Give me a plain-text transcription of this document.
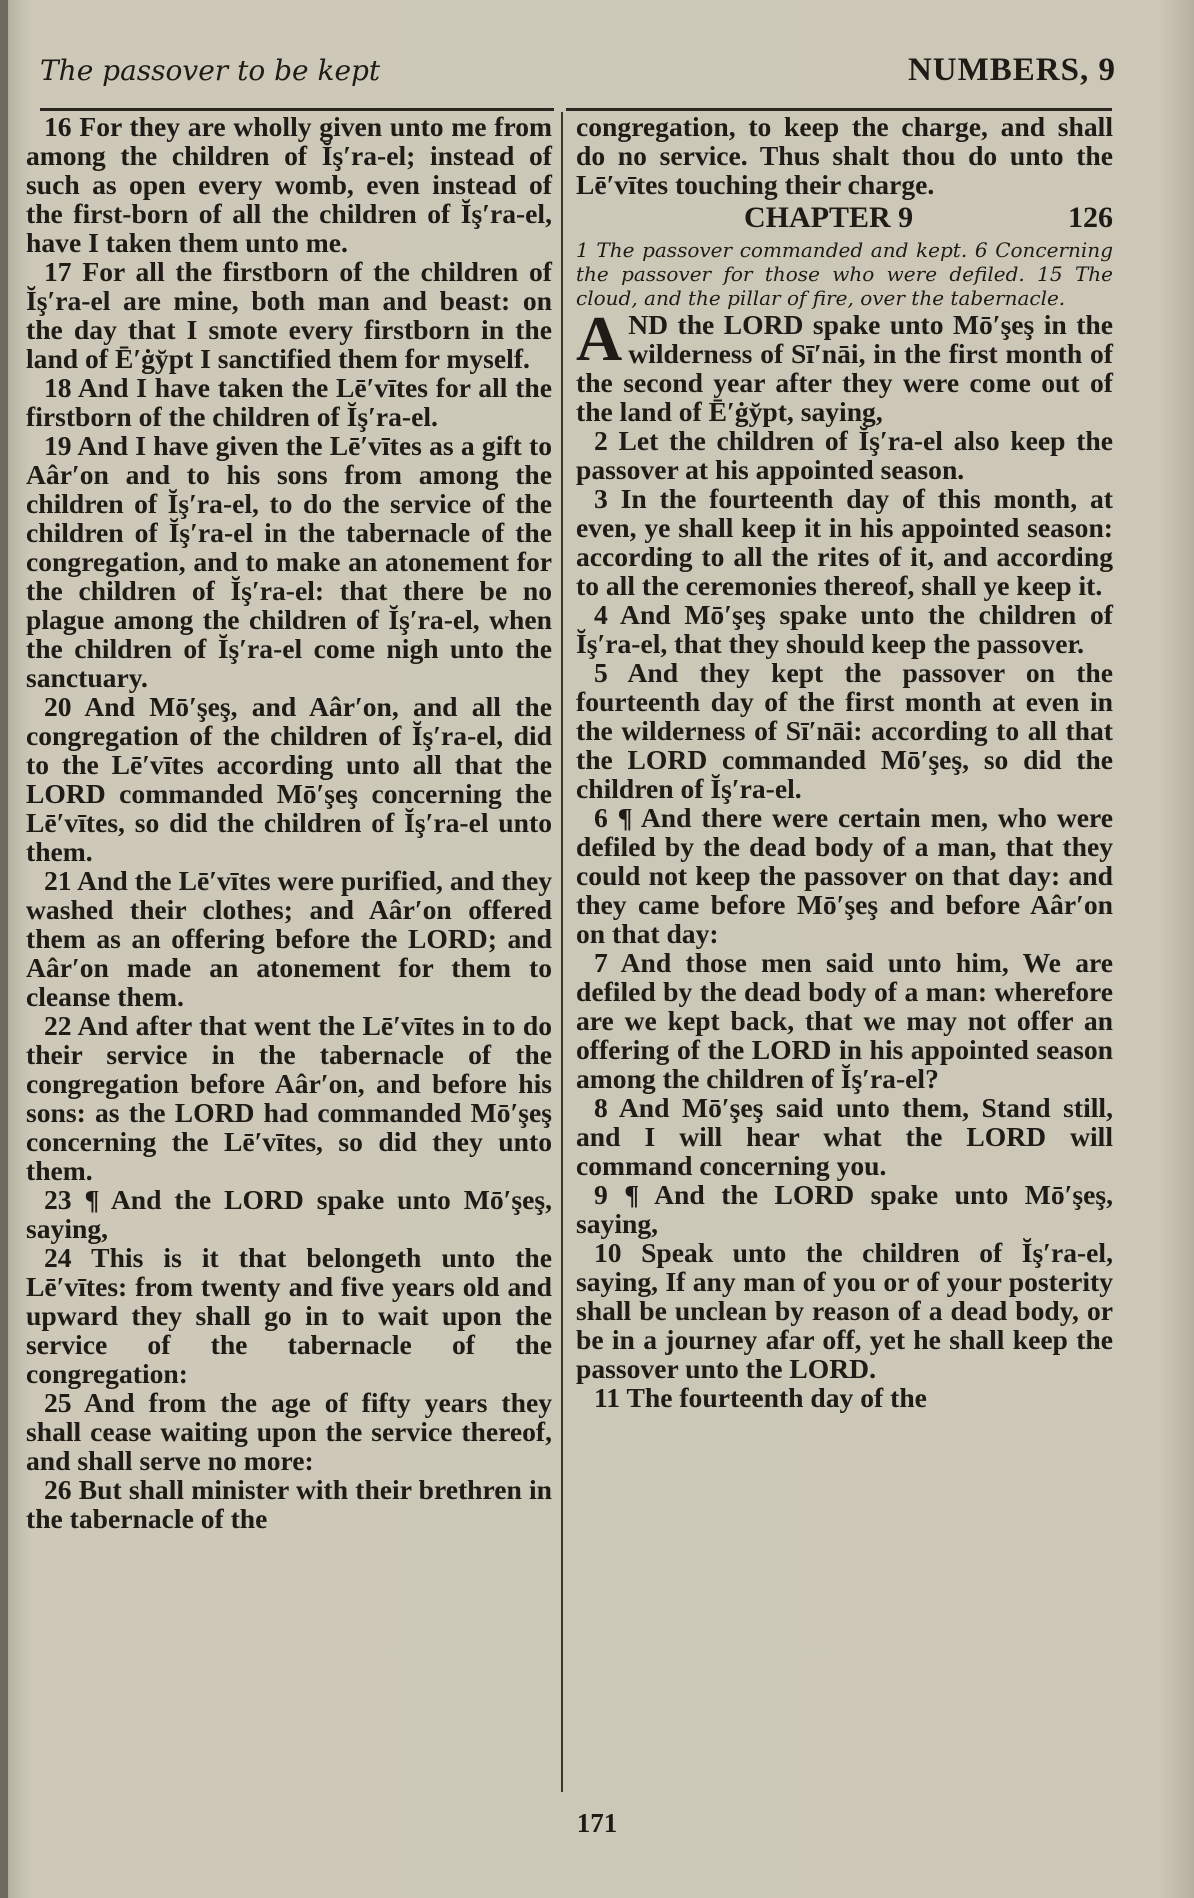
The passover to be kept	NUMBERS, 9

16 For they are wholly given unto me from among the children of Ĭş′ra-el; instead of such as open every womb, even instead of the first-born of all the children of Ĭş′ra-el, have I taken them unto me.

17 For all the firstborn of the children of Ĭş′ra-el are mine, both man and beast: on the day that I smote every firstborn in the land of Ē′ġy̆pt I sanctified them for myself.

18 And I have taken the Lē′vītes for all the firstborn of the children of Ĭş′ra-el.

19 And I have given the Lē′vītes as a gift to Aâr′on and to his sons from among the children of Ĭş′ra-el, to do the service of the children of Ĭş′ra-el in the tabernacle of the congregation, and to make an atonement for the children of Ĭş′ra-el: that there be no plague among the children of Ĭş′ra-el, when the children of Ĭş′ra-el come nigh unto the sanctuary.

20 And Mō′şeş, and Aâr′on, and all the congregation of the children of Ĭş′ra-el, did to the Lē′vītes according unto all that the LORD commanded Mō′şeş concerning the Lē′vītes, so did the children of Ĭş′ra-el unto them.

21 And the Lē′vītes were purified, and they washed their clothes; and Aâr′on offered them as an offering before the LORD; and Aâr′on made an atonement for them to cleanse them.

22 And after that went the Lē′vītes in to do their service in the tabernacle of the congregation before Aâr′on, and before his sons: as the LORD had commanded Mō′şeş concerning the Lē′vītes, so did they unto them.

23 ¶ And the LORD spake unto Mō′şeş, saying,

24 This is it that belongeth unto the Lē′vītes: from twenty and five years old and upward they shall go in to wait upon the service of the tabernacle of the congregation:

25 And from the age of fifty years they shall cease waiting upon the service thereof, and shall serve no more:

26 But shall minister with their brethren in the tabernacle of the

congregation, to keep the charge, and shall do no service. Thus shalt thou do unto the Lē′vītes touching their charge.

CHAPTER 9	126

1 The passover commanded and kept. 6 Concerning the passover for those who were defiled. 15 The cloud, and the pillar of fire, over the tabernacle.

AND the LORD spake unto Mō′şeş in the wilderness of Sī′nāi, in the first month of the second year after they were come out of the land of Ē′ġy̆pt, saying,

2 Let the children of Ĭş′ra-el also keep the passover at his appointed season.

3 In the fourteenth day of this month, at even, ye shall keep it in his appointed season: according to all the rites of it, and according to all the ceremonies thereof, shall ye keep it.

4 And Mō′şeş spake unto the children of Ĭş′ra-el, that they should keep the passover.

5 And they kept the passover on the fourteenth day of the first month at even in the wilderness of Sī′nāi: according to all that the LORD commanded Mō′şeş, so did the children of Ĭş′ra-el.

6 ¶ And there were certain men, who were defiled by the dead body of a man, that they could not keep the passover on that day: and they came before Mō′şeş and before Aâr′on on that day:

7 And those men said unto him, We are defiled by the dead body of a man: wherefore are we kept back, that we may not offer an offering of the LORD in his appointed season among the children of Ĭş′ra-el?

8 And Mō′şeş said unto them, Stand still, and I will hear what the LORD will command concerning you.

9 ¶ And the LORD spake unto Mō′şeş, saying,

10 Speak unto the children of Ĭş′ra-el, saying, If any man of you or of your posterity shall be unclean by reason of a dead body, or be in a journey afar off, yet he shall keep the passover unto the LORD.

11 The fourteenth day of the

171
